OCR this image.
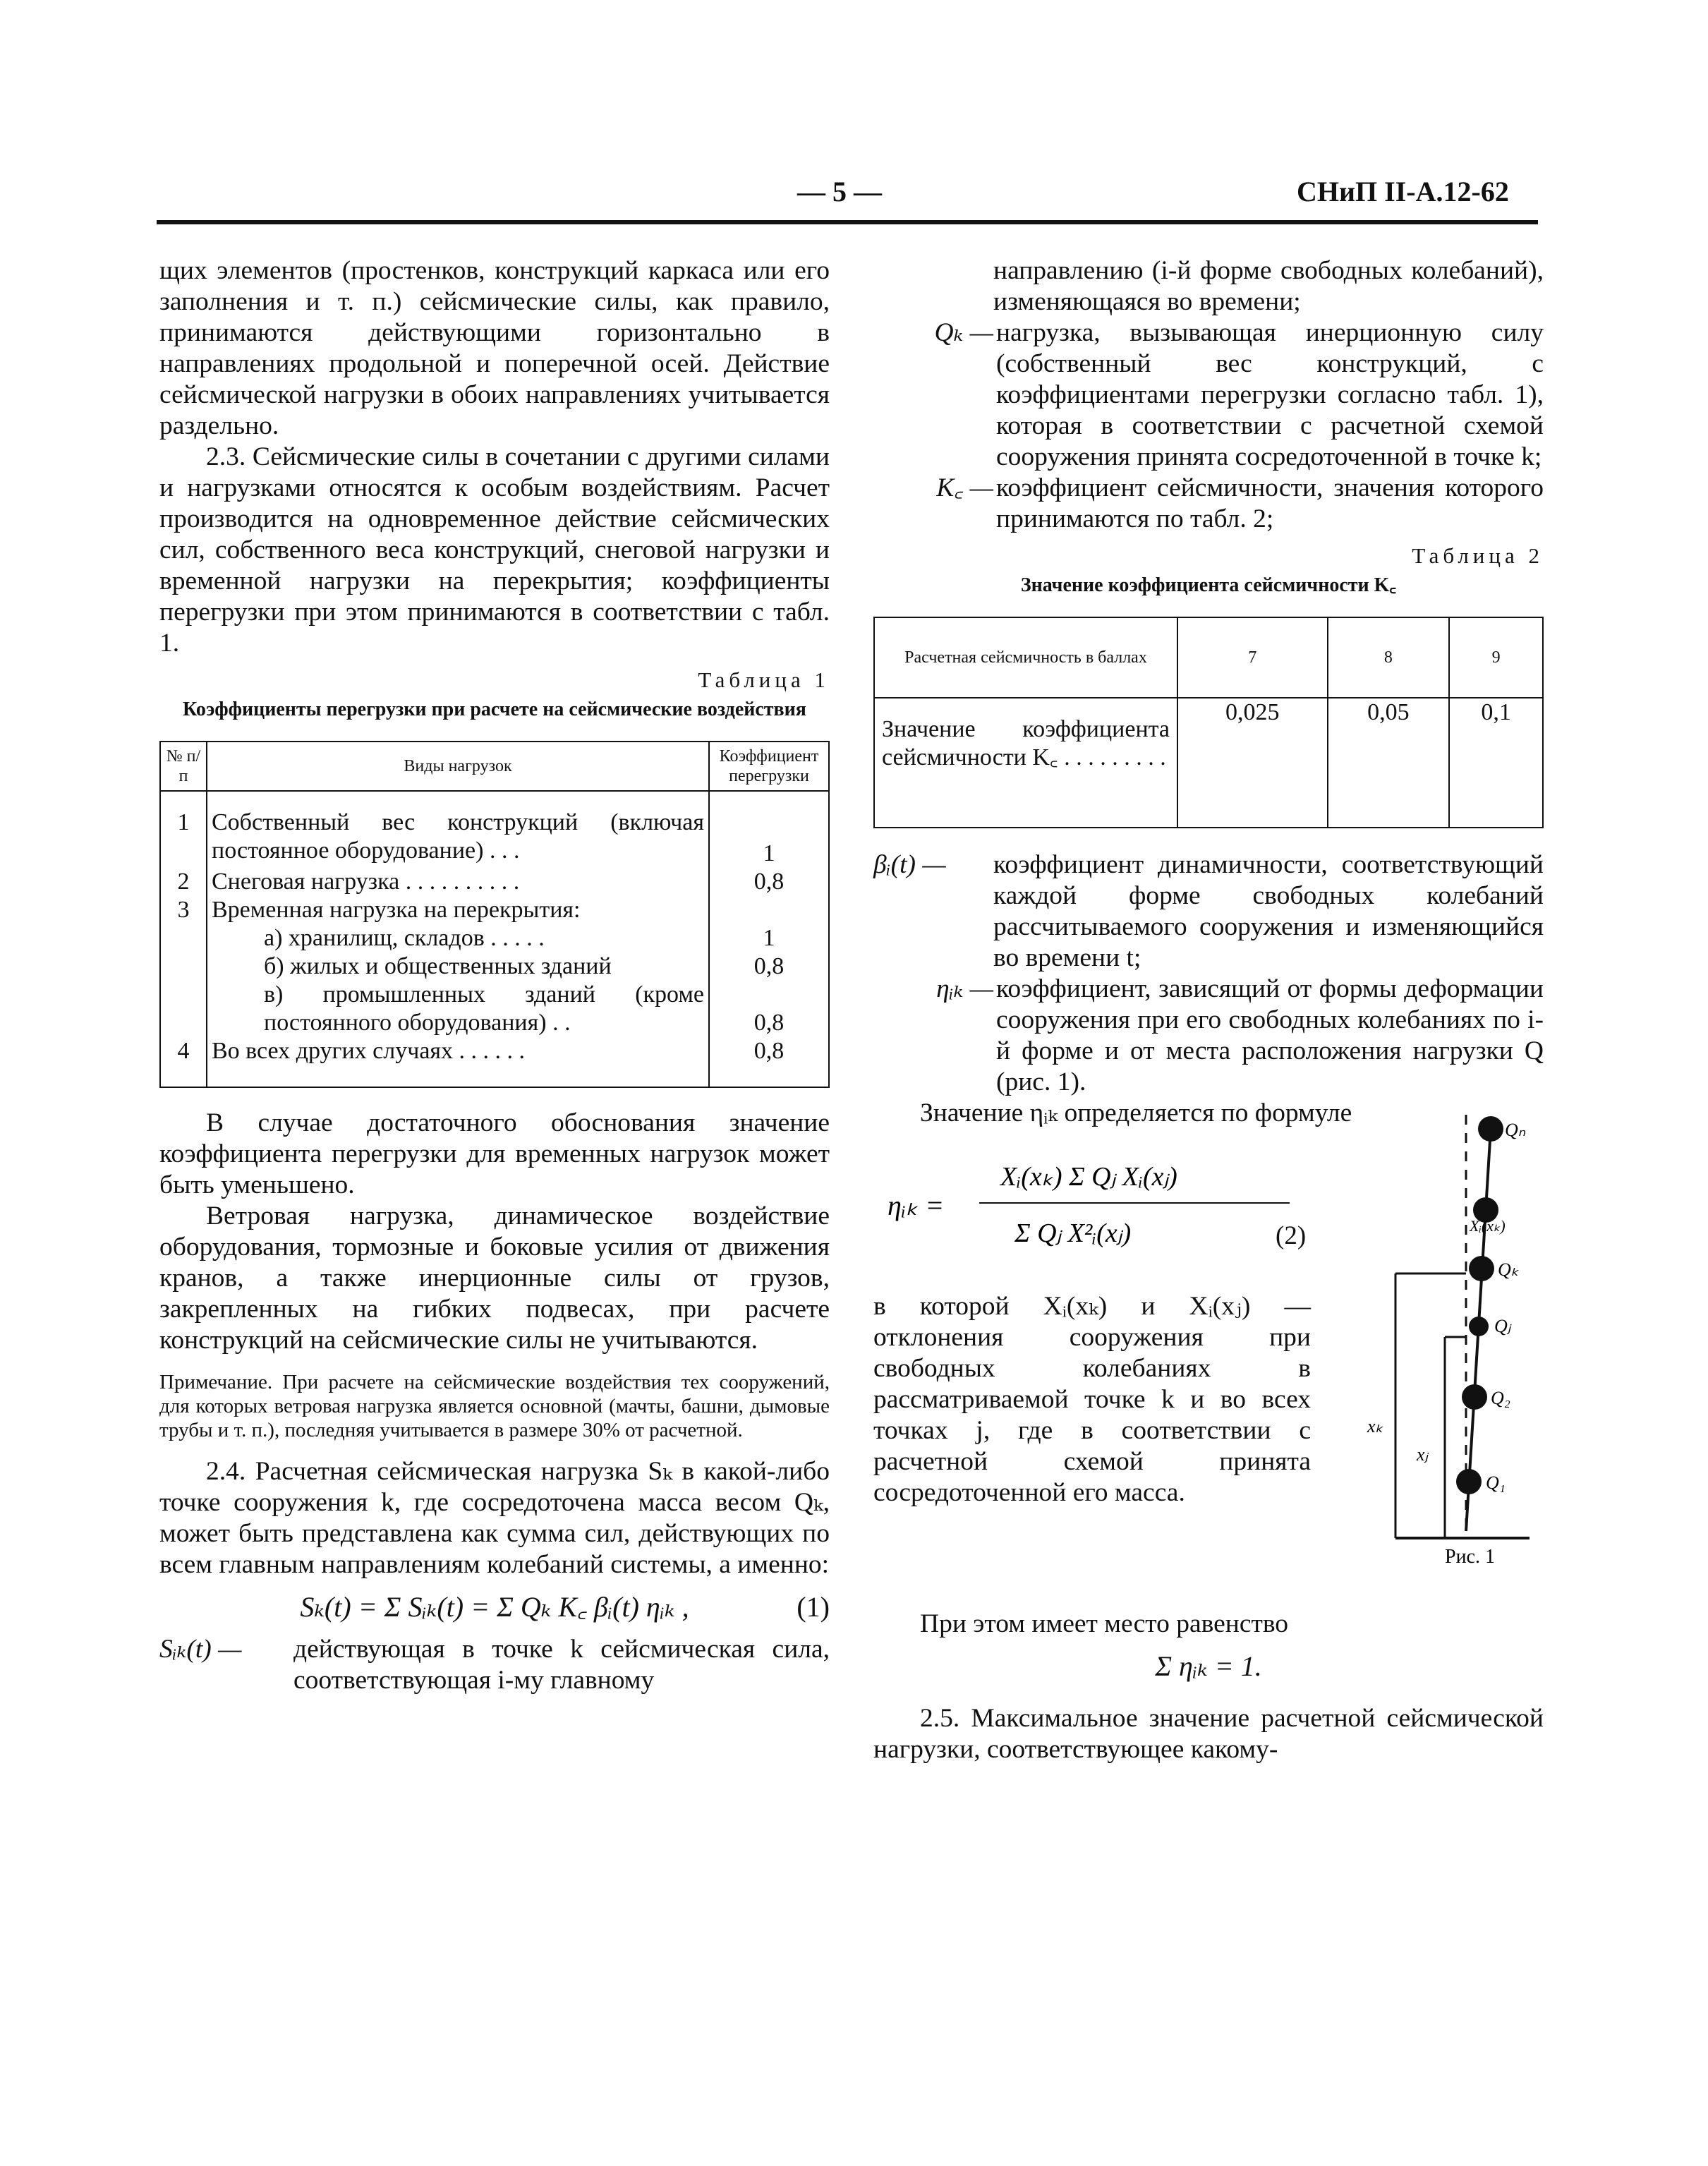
— 5 —	СНиП II-А.12-62

щих элементов (простенков, конструкций каркаса или его заполнения и т. п.) сейсмические силы, как правило, принимаются действующими горизонтально в направлениях продольной и поперечной осей. Действие сейсмической нагрузки в обоих направлениях учитывается раздельно.

2.3. Сейсмические силы в сочетании с другими силами и нагрузками относятся к особым воздействиям. Расчет производится на одновременное действие сейсмических сил, собственного веса конструкций, снеговой нагрузки и временной нагрузки на перекрытия; коэффициенты перегрузки при этом принимаются в соответствии с табл. 1.

Таблица 1
Коэффициенты перегрузки при расчете на сейсмические воздействия
№ п/п	Виды нагрузок	Коэффициент перегрузки
1	Собственный вес конструкций (включая постоянное оборудование) . . .	1
2	Снеговая нагрузка . . . . . . . . . .	0,8
3	Временная нагрузка на перекрытия:	
	а) хранилищ, складов . . . . .	1
	б) жилых и общественных зданий	0,8
	в) промышленных зданий (кроме постоянного оборудования) . .	0,8
4	Во всех других случаях . . . . . .	0,8

В случае достаточного обоснования значение коэффициента перегрузки для временных нагрузок может быть уменьшено.

Ветровая нагрузка, динамическое воздействие оборудования, тормозные и боковые усилия от движения кранов, а также инерционные силы от грузов, закрепленных на гибких подвесах, при расчете конструкций на сейсмические силы не учитываются.

Примечание. При расчете на сейсмические воздействия тех сооружений, для которых ветровая нагрузка является основной (мачты, башни, дымовые трубы и т. п.), последняя учитывается в размере 30% от расчетной.

2.4. Расчетная сейсмическая нагрузка Sₖ в какой-либо точке сооружения k, где сосредоточена масса весом Qₖ, может быть представлена как сумма сил, действующих по всем главным направлениям колебаний системы, а именно:

Sₖ(t) = Σ Sᵢₖ(t) = Σ Qₖ K꜀ βᵢ(t) ηᵢₖ ,	(1)
Sᵢₖ(t) —	действующая в точке k сейсмическая сила, соответствующая i-му главному

направлению (i-й форме свободных колебаний), изменяющаяся во времени;

Qₖ — нагрузка, вызывающая инерционную силу (собственный вес конструкций, с коэффициентами перегрузки согласно табл. 1), которая в соответствии с расчетной схемой сооружения принята сосредоточенной в точке k;
K꜀ — коэффициент сейсмичности, значения которого принимаются по табл. 2;
Таблица 2
Значение коэффициента сейсмичности K꜀
Расчетная сейсмичность в баллах	7	8	9
Значение коэффициента сейсмичности K꜀ . . . . . . . . .	0,025	0,05	0,1
βᵢ(t) —	коэффициент динамичности, соответствующий каждой форме свободных колебаний рассчитываемого сооружения и изменяющийся во времени t;
ηᵢₖ — коэффициент, зависящий от формы деформации сооружения при его свободных колебаниях по i-й форме и от места расположения нагрузки Q (рис. 1).

Значение ηᵢₖ определяется по формуле

ηᵢₖ =
Xᵢ(xₖ) Σ Qⱼ Xᵢ(xⱼ)
Σ Qⱼ X²ᵢ(xⱼ)	(2)
в которой Xᵢ(xₖ) и Xᵢ(xⱼ) — отклонения сооружения при свободных колебаниях в рассматриваемой точке k и во всех точках j, где в соответствии с расчетной схемой принята сосредоточенной его масса.
Qₙ
Qₖ
Qⱼ
Q₂
Q₁
xₖ
xⱼ
Xᵢ(xₖ)
Рис. 1

При этом имеет место равенство

Σ ηᵢₖ = 1.

2.5. Максимальное значение расчетной сейсмической нагрузки, соответствующее какому-
